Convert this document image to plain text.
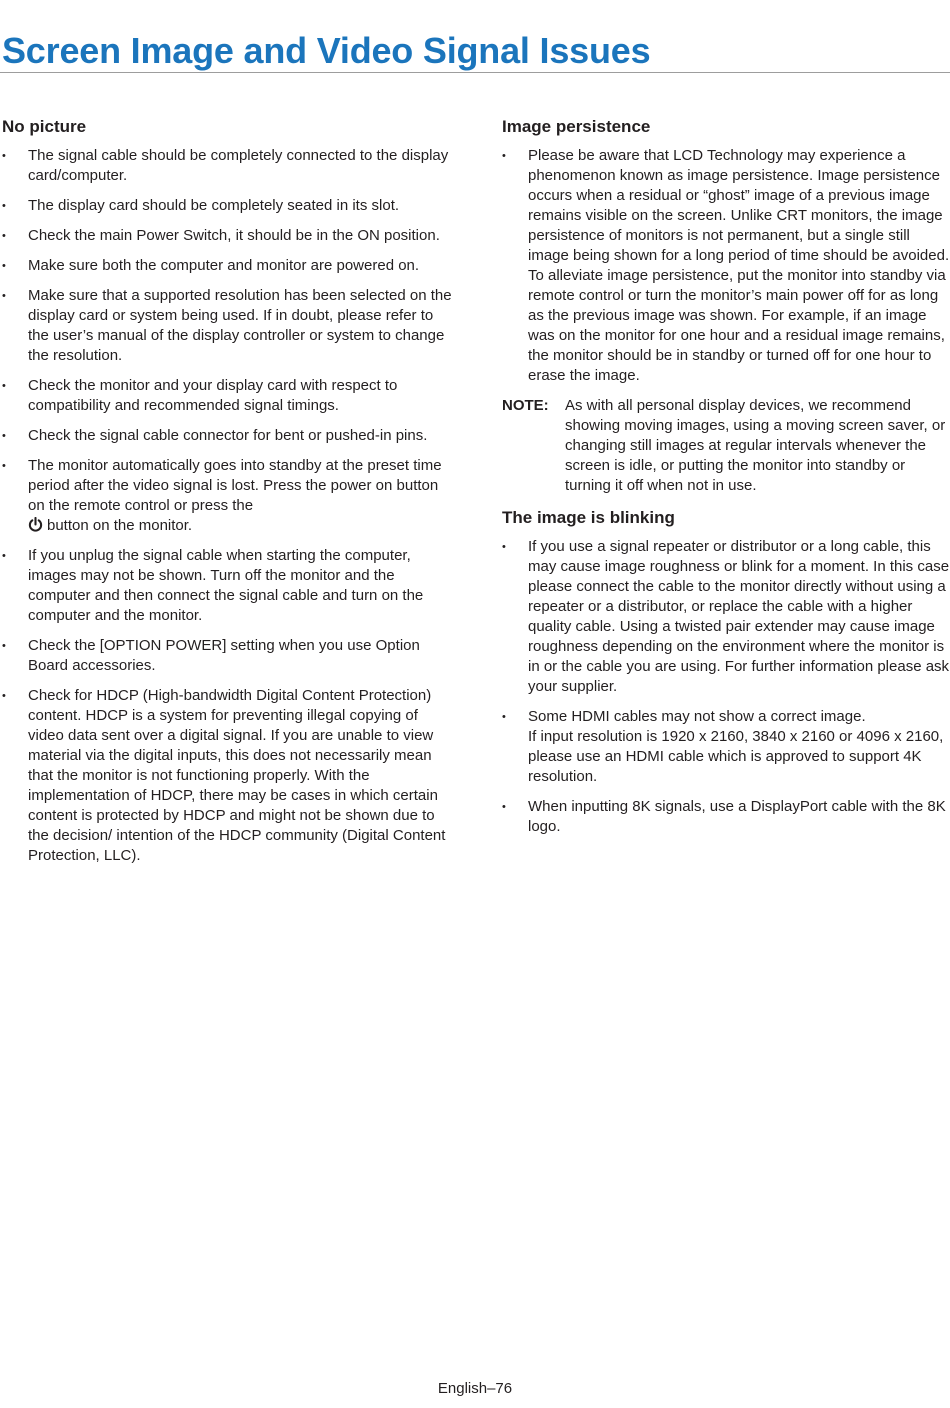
Screen Image and Video Signal Issues
No picture
•	The signal cable should be completely connected to the display card/computer.
•	The display card should be completely seated in its slot.
•	Check the main Power Switch, it should be in the ON position.
•	Make sure both the computer and monitor are powered on.
•	Make sure that a supported resolution has been selected on the display card or system being used. If in doubt, please refer to the user’s manual of the display controller or system to change the resolution.
•	Check the monitor and your display card with respect to compatibility and recommended signal timings.
•	Check the signal cable connector for bent or pushed-in pins.
•	The monitor automatically goes into standby at the preset time period after the video signal is lost. Press the power on button on the remote control or press the
button on the monitor.
•	If you unplug the signal cable when starting the computer, images may not be shown. Turn off the monitor and the computer and then connect the signal cable and turn on the computer and the monitor.
•	Check the [OPTION POWER] setting when you use Option Board accessories.
•	Check for HDCP (High-bandwidth Digital Content Protection) content. HDCP is a system for preventing illegal copying of video data sent over a digital signal. If you are unable to view material via the digital inputs, this does not necessarily mean that the monitor is not functioning properly. With the implementation of HDCP, there may be cases in which certain content is protected by HDCP and might not be shown due to the decision/ intention of the HDCP community (Digital Content Protection, LLC).
Image persistence
•	Please be aware that LCD Technology may experience a phenomenon known as image persistence. Image persistence occurs when a residual or “ghost” image of a previous image remains visible on the screen. Unlike CRT monitors, the image persistence of monitors is not permanent, but a single still image being shown for a long period of time should be avoided. To alleviate image persistence, put the monitor into standby via remote control or turn the monitor’s main power off for as long as the previous image was shown. For example, if an image was on the monitor for one hour and a residual image remains, the monitor should be in standby or turned off for one hour to erase the image.
NOTE: As with all personal display devices, we recommend showing moving images, using a moving screen saver, or changing still images at regular intervals whenever the screen is idle, or putting the monitor into standby or turning it off when not in use.
The image is blinking
•	If you use a signal repeater or distributor or a long cable, this may cause image roughness or blink for a moment. In this case please connect the cable to the monitor directly without using a repeater or a distributor, or replace the cable with a higher quality cable. Using a twisted pair extender may cause image roughness depending on the environment where the monitor is in or the cable you are using. For further information please ask your supplier.
•	Some HDMI cables may not show a correct image.
If input resolution is 1920 x 2160, 3840 x 2160 or 4096 x 2160, please use an HDMI cable which is approved to support 4K resolution.
•	When inputting 8K signals, use a DisplayPort cable with the 8K logo.
English–76
